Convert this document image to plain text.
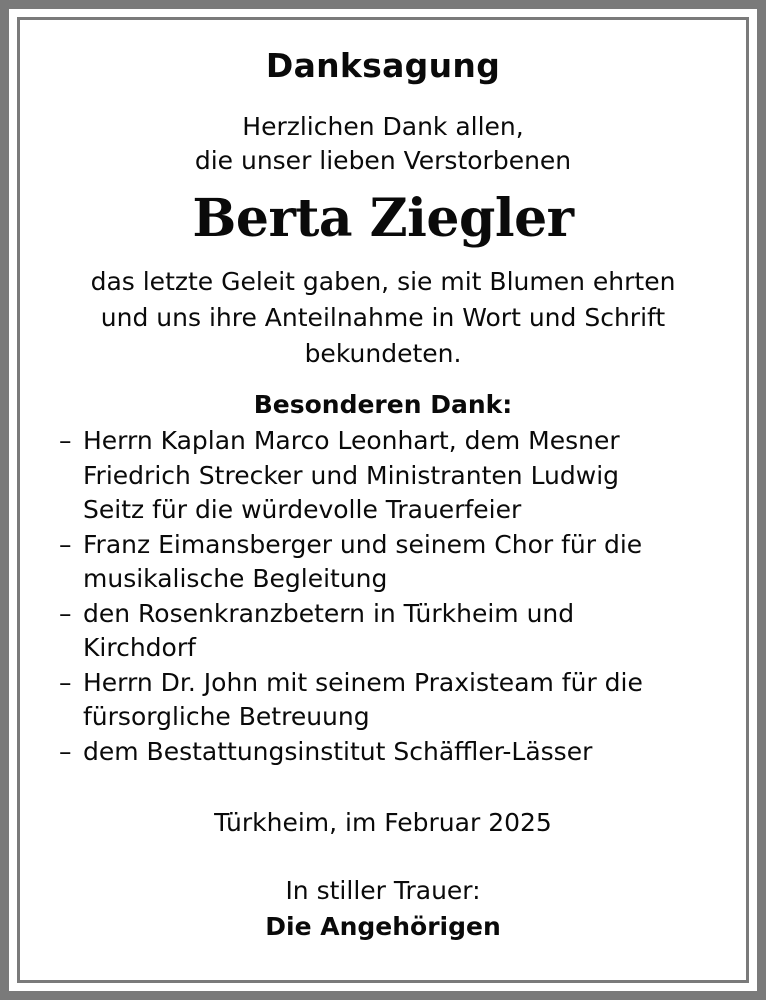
Danksagung
Herzlichen Dank allen,
die unser lieben Verstorbenen
Berta Ziegler
das letzte Geleit gaben, sie mit Blumen ehrten
und uns ihre Anteilnahme in Wort und Schrift
bekundeten.
Besonderen Dank:
– Herrn Kaplan Marco Leonhart, dem Mesner
Friedrich Strecker und Ministranten Ludwig
Seitz für die würdevolle Trauerfeier
– Franz Eimansberger und seinem Chor für die
musikalische Begleitung
– den Rosenkranzbetern in Türkheim und
Kirchdorf
– Herrn Dr. John mit seinem Praxisteam für die
fürsorgliche Betreuung
– dem Bestattungsinstitut Schäffler-Lässer
Türkheim, im Februar 2025
In stiller Trauer:
Die Angehörigen
